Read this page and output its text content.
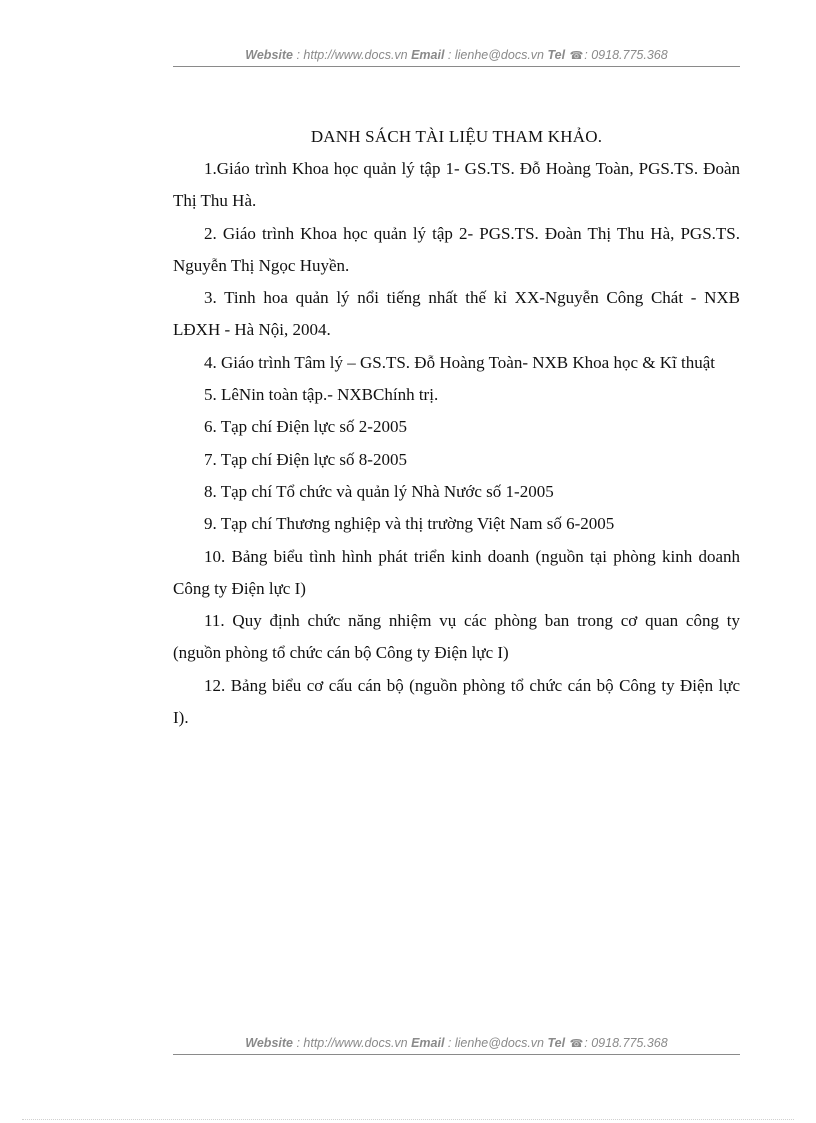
Website : http://www.docs.vn Email : lienhe@docs.vn Tel ☎: 0918.775.368
DANH SÁCH TÀI LIỆU THAM KHẢO.

1.Giáo trình Khoa học quản lý tập 1- GS.TS. Đỗ Hoàng Toàn, PGS.TS. Đoàn Thị Thu Hà.

2. Giáo trình Khoa học quản lý tập 2- PGS.TS. Đoàn Thị Thu Hà, PGS.TS. Nguyễn Thị Ngọc Huyền.

3. Tinh hoa quản lý nổi tiếng nhất thế kỉ XX-Nguyễn Công Chát - NXB LĐXH - Hà Nội, 2004.

4. Giáo trình Tâm lý – GS.TS. Đỗ Hoàng Toàn- NXB Khoa học & Kĩ thuật

5. LêNin toàn tập.- NXBChính trị.

6. Tạp chí Điện lực số 2-2005

7. Tạp chí Điện lực số 8-2005

8. Tạp chí Tổ chức và quản lý Nhà Nước số 1-2005

9. Tạp chí Thương nghiệp và thị trường Việt Nam số 6-2005

10. Bảng biểu tình hình phát triển kinh doanh (nguồn tại phòng kinh doanh Công ty Điện lực I)

11. Quy định chức năng nhiệm vụ các phòng ban trong cơ quan công ty (nguồn phòng tổ chức cán bộ Công ty Điện lực I)

12. Bảng biểu cơ cấu cán bộ (nguồn phòng tổ chức cán bộ Công ty Điện lực I).

Website : http://www.docs.vn Email : lienhe@docs.vn Tel ☎: 0918.775.368
